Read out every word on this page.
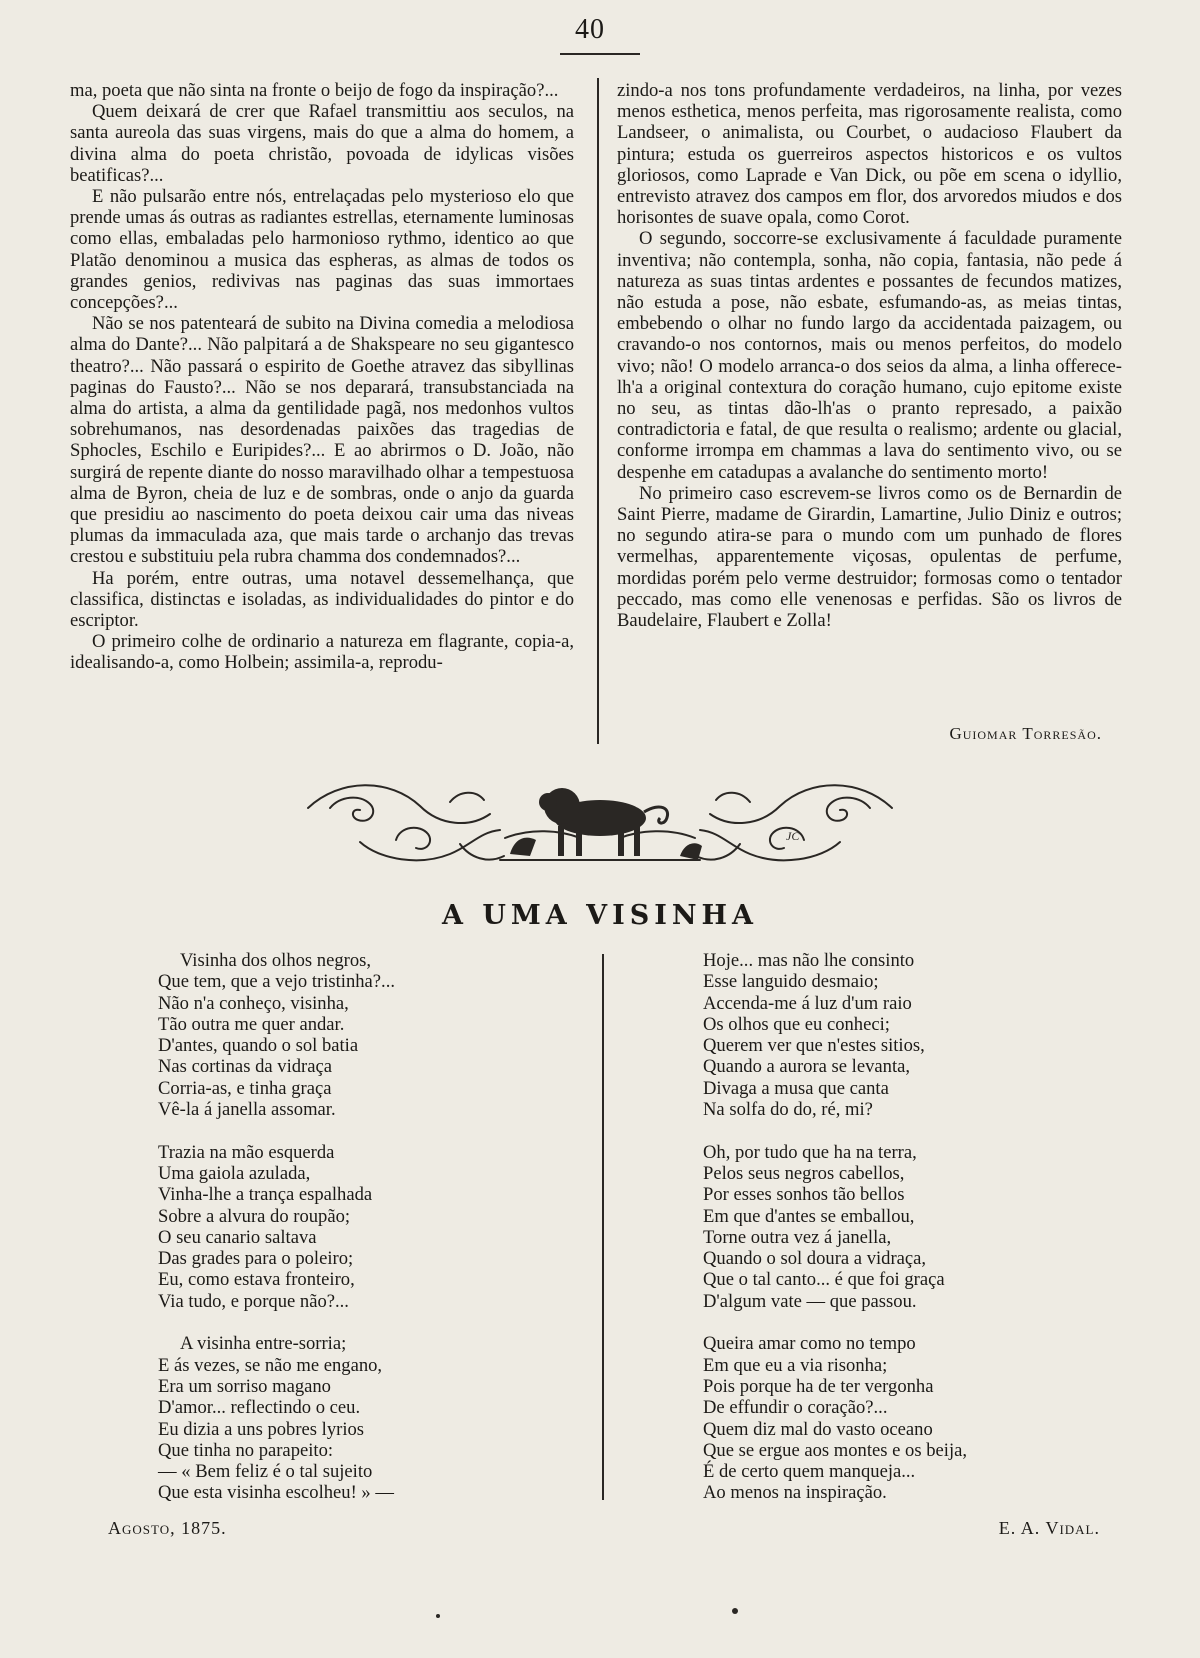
40

ma, poeta que não sinta na fronte o beijo de fogo da inspiração?...

Quem deixará de crer que Rafael transmittiu aos seculos, na santa aureola das suas virgens, mais do que a alma do homem, a divina alma do poeta christão, povoada de idylicas visões beatificas?...

E não pulsarão entre nós, entrelaçadas pelo mysterioso elo que prende umas ás outras as radiantes estrellas, eternamente luminosas como ellas, embaladas pelo harmonioso rythmo, identico ao que Platão denominou a musica das espheras, as almas de todos os grandes genios, redivivas nas paginas das suas immortaes concepções?...

Não se nos patenteará de subito na Divina comedia a melodiosa alma do Dante?... Não palpitará a de Shakspeare no seu gigantesco theatro?... Não passará o espirito de Goethe atravez das sibyllinas paginas do Fausto?... Não se nos deparará, transubstanciada na alma do artista, a alma da gentilidade pagã, nos medonhos vultos sobrehumanos, nas desordenadas paixões das tragedias de Sphocles, Eschilo e Euripides?... E ao abrirmos o D. João, não surgirá de repente diante do nosso maravilhado olhar a tempestuosa alma de Byron, cheia de luz e de sombras, onde o anjo da guarda que presidiu ao nascimento do poeta deixou cair uma das niveas plumas da immaculada aza, que mais tarde o archanjo das trevas crestou e substituiu pela rubra chamma dos condemnados?...

Ha porém, entre outras, uma notavel dessemelhança, que classifica, distinctas e isoladas, as individualidades do pintor e do escriptor.

O primeiro colhe de ordinario a natureza em flagrante, copia-a, idealisando-a, como Holbein; assimila-a, reprodu-

zindo-a nos tons profundamente verdadeiros, na linha, por vezes menos esthetica, menos perfeita, mas rigorosamente realista, como Landseer, o animalista, ou Courbet, o audacioso Flaubert da pintura; estuda os guerreiros aspectos historicos e os vultos gloriosos, como Laprade e Van Dick, ou põe em scena o idyllio, entrevisto atravez dos campos em flor, dos arvoredos miudos e dos horisontes de suave opala, como Corot.

O segundo, soccorre-se exclusivamente á faculdade puramente inventiva; não contempla, sonha, não copia, fantasia, não pede á natureza as suas tintas ardentes e possantes de fecundos matizes, não estuda a pose, não esbate, esfumando-as, as meias tintas, embebendo o olhar no fundo largo da accidentada paizagem, ou cravando-o nos contornos, mais ou menos perfeitos, do modelo vivo; não! O modelo arranca-o dos seios da alma, a linha offerece-lh'a a original contextura do coração humano, cujo epitome existe no seu, as tintas dão-lh'as o pranto represado, a paixão contradictoria e fatal, de que resulta o realismo; ardente ou glacial, conforme irrompa em chammas a lava do sentimento vivo, ou se despenhe em catadupas a avalanche do sentimento morto!

No primeiro caso escrevem-se livros como os de Bernardin de Saint Pierre, madame de Girardin, Lamartine, Julio Diniz e outros; no segundo atira-se para o mundo com um punhado de flores vermelhas, apparentemente viçosas, opulentas de perfume, mordidas porém pelo verme destruidor; formosas como o tentador peccado, mas como elle venenosas e perfidas. São os livros de Baudelaire, Flaubert e Zolla!

Guiomar Torresão.
JC
A UMA VISINHA
Visinha dos olhos negros,
Que tem, que a vejo tristinha?...
Não n'a conheço, visinha,
Tão outra me quer andar.
D'antes, quando o sol batia
Nas cortinas da vidraça
Corria-as, e tinha graça
Vê-la á janella assomar.
Trazia na mão esquerda
Uma gaiola azulada,
Vinha-lhe a trança espalhada
Sobre a alvura do roupão;
O seu canario saltava
Das grades para o poleiro;
Eu, como estava fronteiro,
Via tudo, e porque não?...
A visinha entre-sorria;
E ás vezes, se não me engano,
Era um sorriso magano
D'amor... reflectindo o ceu.
Eu dizia a uns pobres lyrios
Que tinha no parapeito:
— « Bem feliz é o tal sujeito
Que esta visinha escolheu! » —
Hoje... mas não lhe consinto
Esse languido desmaio;
Accenda-me á luz d'um raio
Os olhos que eu conheci;
Querem ver que n'estes sitios,
Quando a aurora se levanta,
Divaga a musa que canta
Na solfa do do, ré, mi?
Oh, por tudo que ha na terra,
Pelos seus negros cabellos,
Por esses sonhos tão bellos
Em que d'antes se emballou,
Torne outra vez á janella,
Quando o sol doura a vidraça,
Que o tal canto... é que foi graça
D'algum vate — que passou.
Queira amar como no tempo
Em que eu a via risonha;
Pois porque ha de ter vergonha
De effundir o coração?...
Quem diz mal do vasto oceano
Que se ergue aos montes e os beija,
É de certo quem manqueja...
Ao menos na inspiração.
Agosto, 1875.	E. A. Vidal.
